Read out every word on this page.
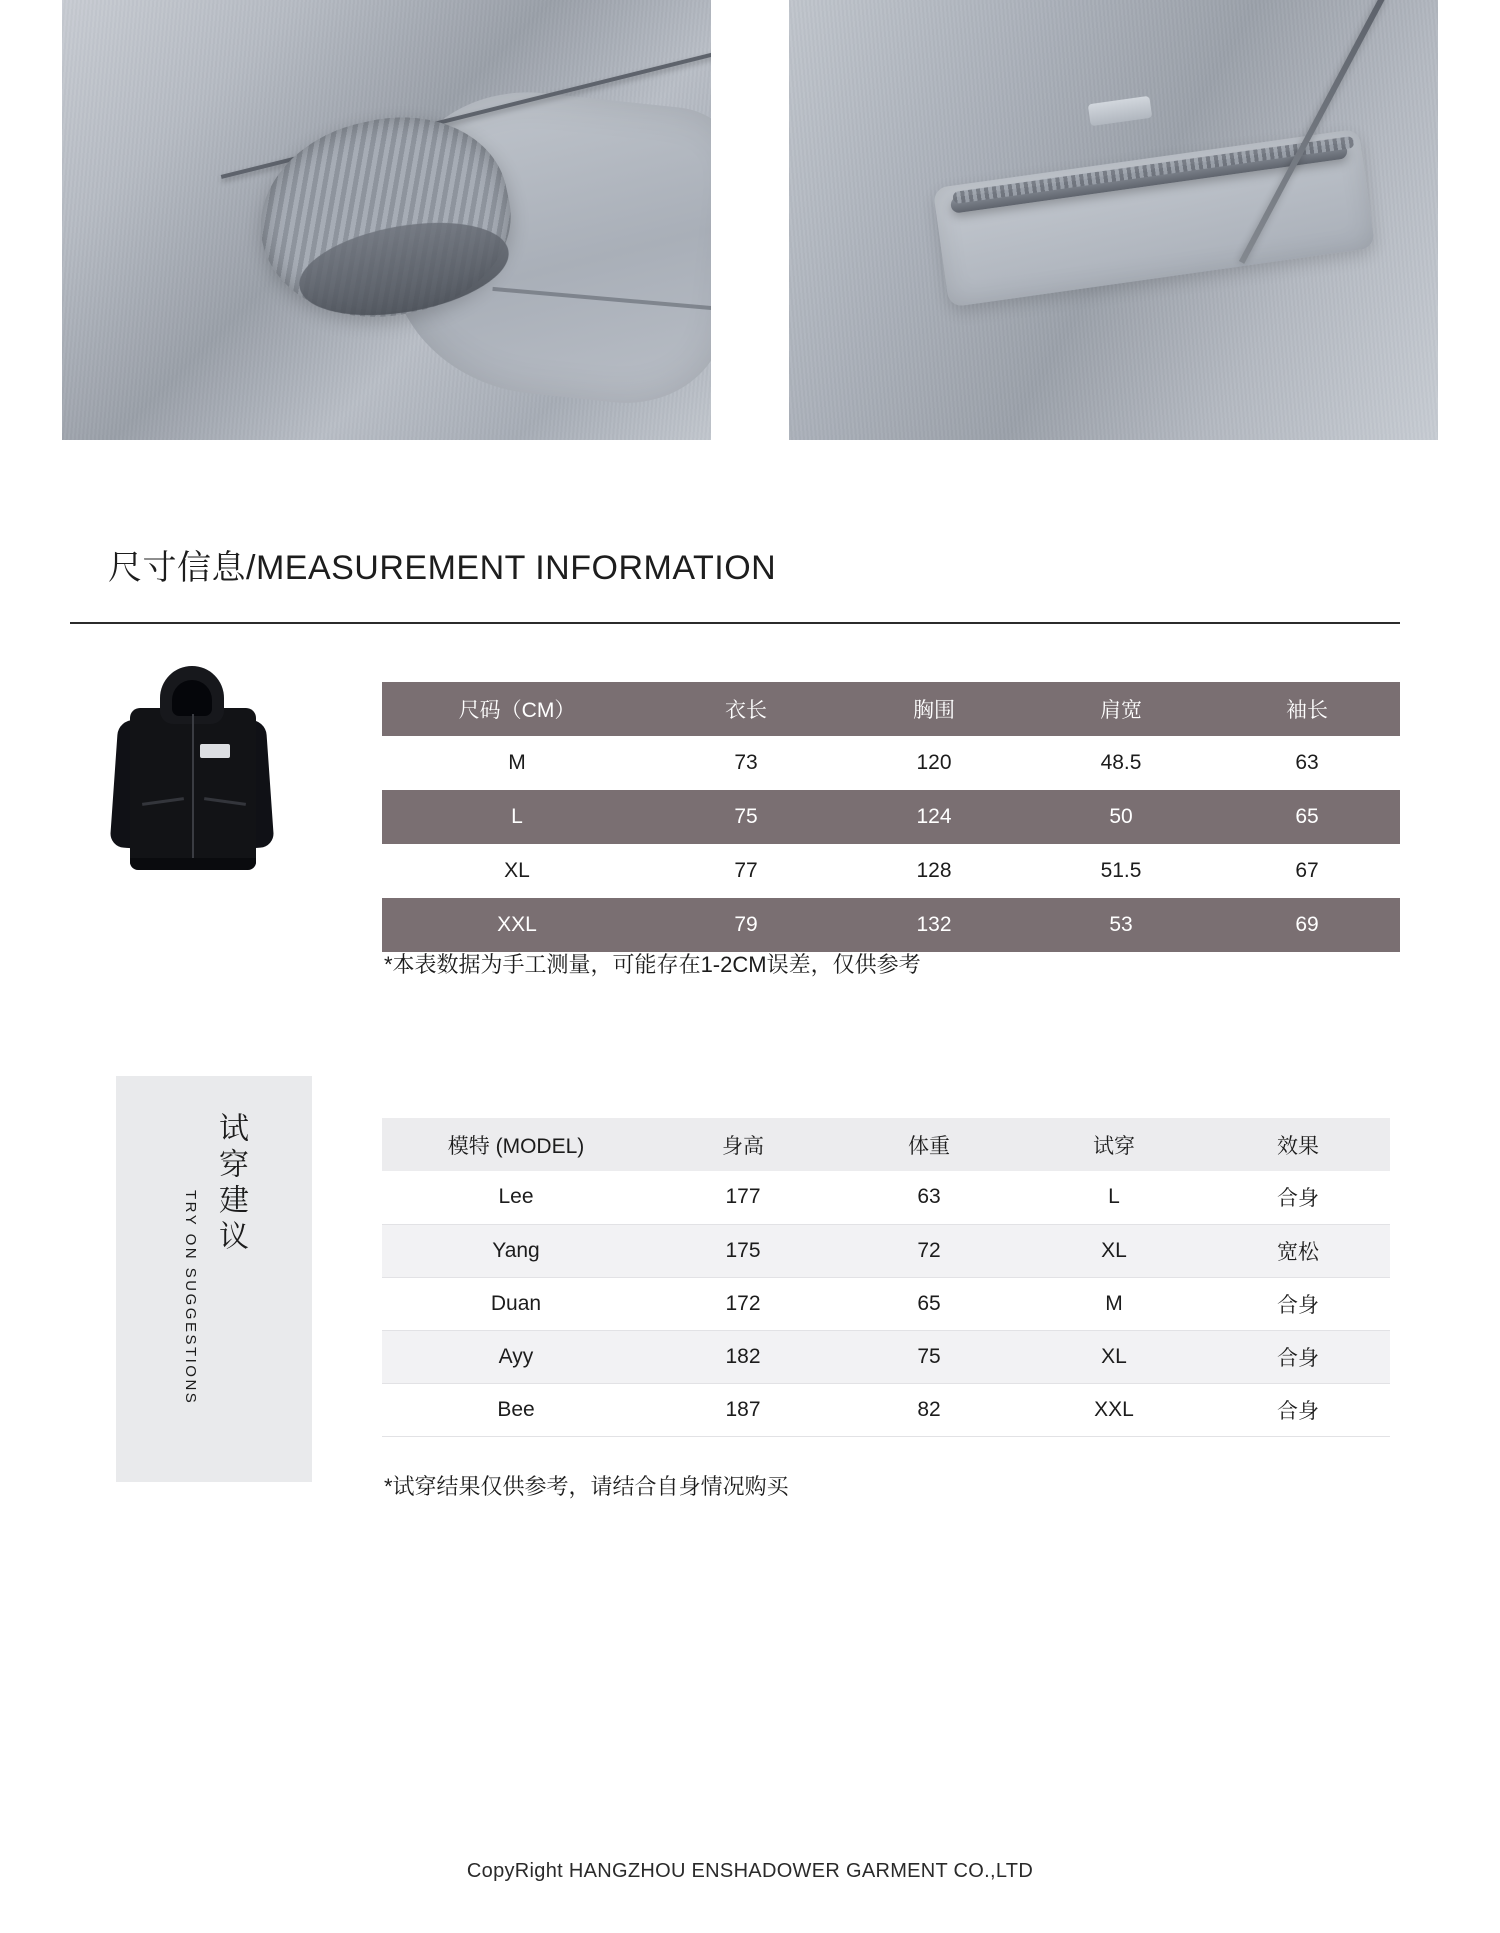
尺寸信息/MEASUREMENT INFORMATION
尺码（CM）	衣长	胸围	肩宽	袖长
M	73	120	48.5	63
L	75	124	50	65
XL	77	128	51.5	67
XXL	79	132	53	69
*本表数据为手工测量，可能存在1-2CM误差，仅供参考
试穿建议
TRY ON SUGGESTIONS
模特 (MODEL)	身高	体重	试穿	效果
Lee	177	63	L	合身
Yang	175	72	XL	宽松
Duan	172	65	M	合身
Ayy	182	75	XL	合身
Bee	187	82	XXL	合身
*试穿结果仅供参考，请结合自身情况购买
CopyRight HANGZHOU ENSHADOWER GARMENT CO.,LTD
